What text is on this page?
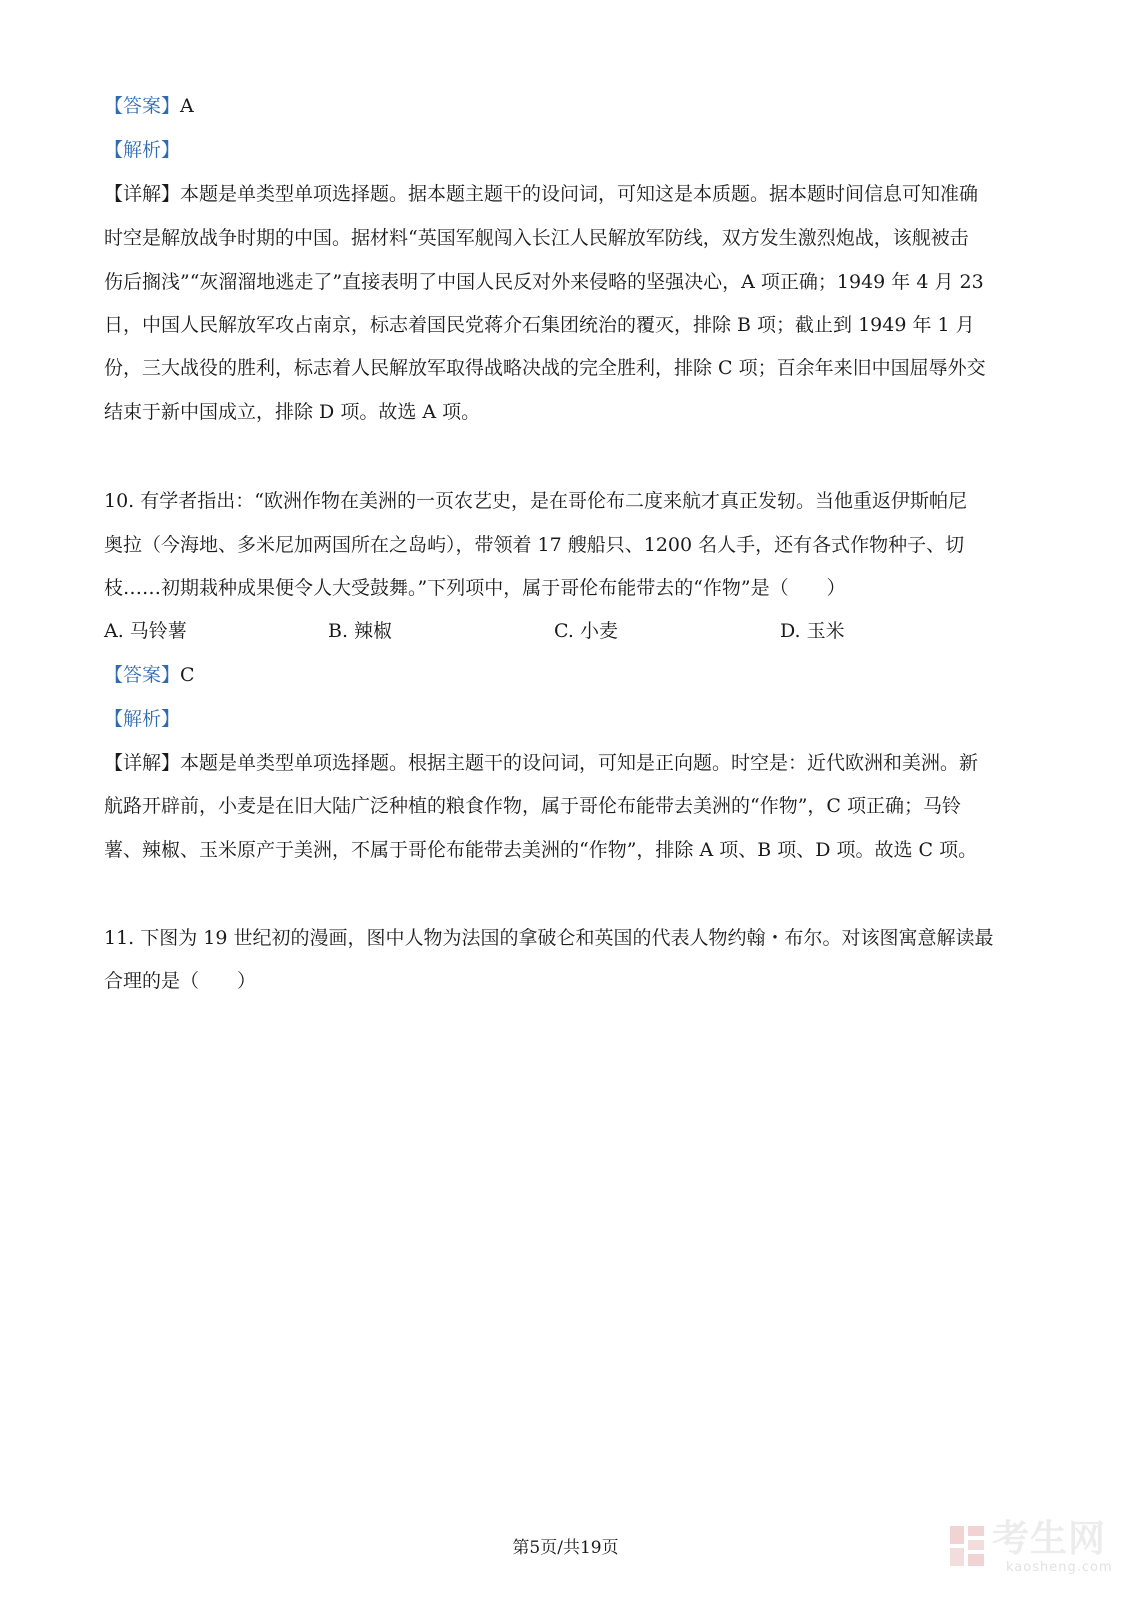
【答案】A
【解析】
【详解】本题是单类型单项选择题。据本题主题干的设问词，可知这是本质题。据本题时间信息可知准确
时空是解放战争时期的中国。据材料“英国军舰闯入长江人民解放军防线，双方发生激烈炮战，该舰被击
伤后搁浅”“灰溜溜地逃走了”直接表明了中国人民反对外来侵略的坚强决心，A 项正确；1949 年 4 月 23
日，中国人民解放军攻占南京，标志着国民党蒋介石集团统治的覆灭，排除 B 项；截止到 1949 年 1 月
份，三大战役的胜利，标志着人民解放军取得战略决战的完全胜利，排除 C 项；百余年来旧中国屈辱外交
结束于新中国成立，排除 D 项。故选 A 项。
10. 有学者指出：“欧洲作物在美洲的一页农艺史，是在哥伦布二度来航才真正发轫。当他重返伊斯帕尼
奥拉（今海地、多米尼加两国所在之岛屿），带领着 17 艘船只、1200 名人手，还有各式作物种子、切
枝……初期栽种成果便令人大受鼓舞。”下列项中，属于哥伦布能带去的“作物”是（　　）
A. 马铃薯	B. 辣椒	C. 小麦	D. 玉米
【答案】C
【解析】
【详解】本题是单类型单项选择题。根据主题干的设问词，可知是正向题。时空是：近代欧洲和美洲。新
航路开辟前，小麦是在旧大陆广泛种植的粮食作物，属于哥伦布能带去美洲的“作物”，C 项正确；马铃
薯、辣椒、玉米原产于美洲，不属于哥伦布能带去美洲的“作物”，排除 A 项、B 项、D 项。故选 C 项。
11. 下图为 19 世纪初的漫画，图中人物为法国的拿破仑和英国的代表人物约翰・布尔。对该图寓意解读最
合理的是（　　）
第5页/共19页	考生网
kaosheng.com
